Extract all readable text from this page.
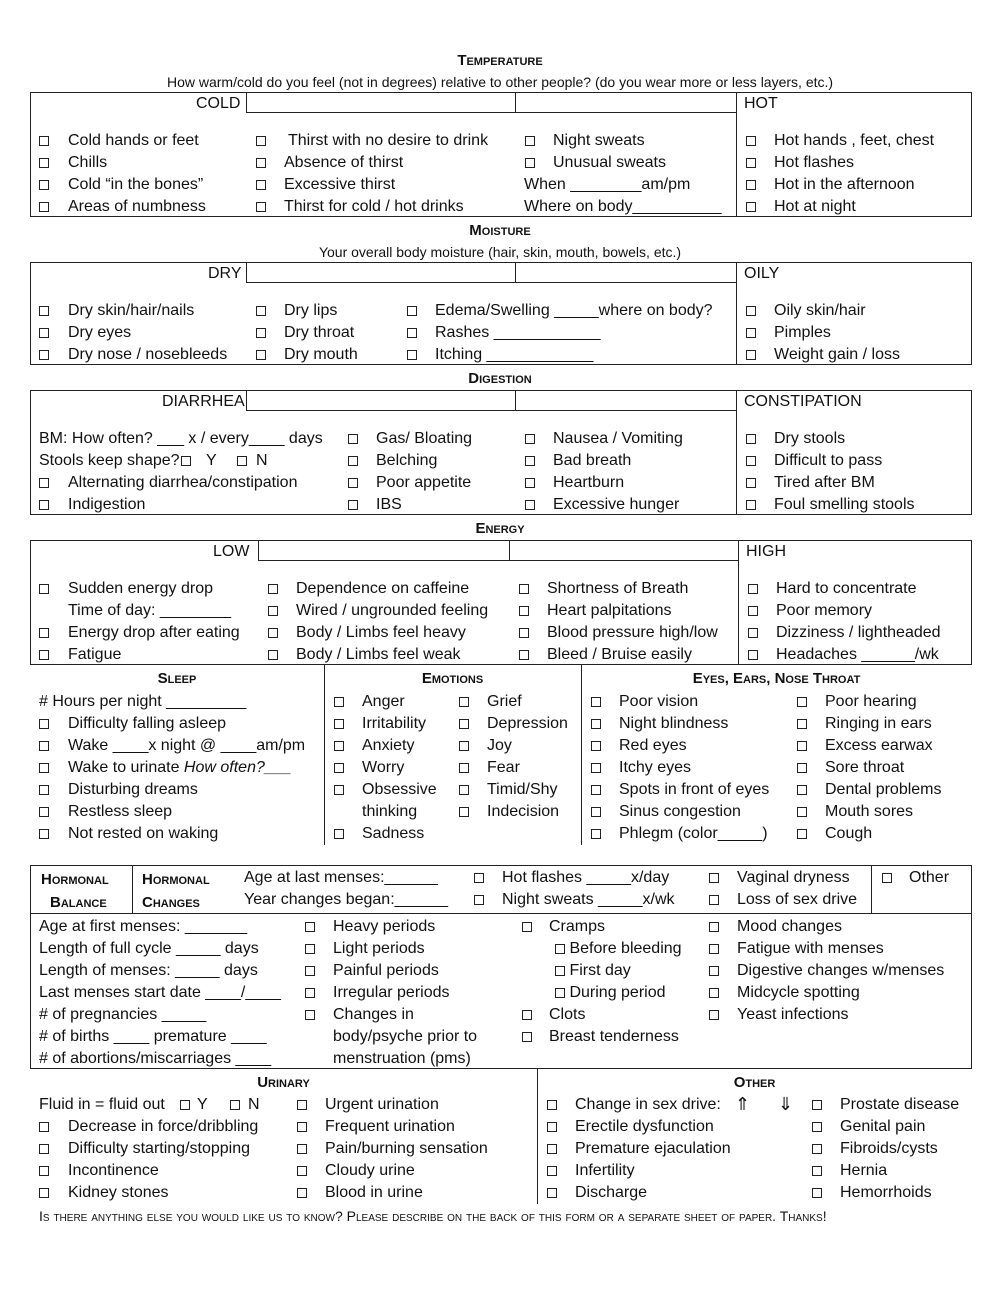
Temperature
How warm/cold do you feel (not in degrees) relative to other people? (do you wear more or less layers, etc.)
COLD	HOT
Cold hands or feet
Chills
Cold “in the bones”
Areas of numbness
Thirst with no desire to drink
Absence of thirst
Excessive thirst
Thirst for cold / hot drinks
Night sweats
Unusual sweats
When ________am/pm
Where on body__________
Hot hands , feet, chest
Hot flashes
Hot in the afternoon
Hot at night
Moisture
Your overall body moisture (hair, skin, mouth, bowels, etc.)
DRY	OILY
Dry skin/hair/nails
Dry eyes
Dry nose / nosebleeds
Dry lips
Dry throat
Dry mouth
Edema/Swelling _____where on body?
Rashes ____________
Itching ____________
Oily skin/hair
Pimples
Weight gain / loss
Digestion
DIARRHEA	CONSTIPATION
BM: How often? ___ x / every____ days
Stools keep shape? Y N
Alternating diarrhea/constipation
Indigestion
Gas/ Bloating
Belching
Poor appetite
IBS
Nausea / Vomiting
Bad breath
Heartburn
Excessive hunger
Dry stools
Difficult to pass
Tired after BM
Foul smelling stools
Energy
LOW	HIGH
Sudden energy drop
Time of day: ________
Energy drop after eating
Fatigue
Dependence on caffeine
Wired / ungrounded feeling
Body / Limbs feel heavy
Body / Limbs feel weak
Shortness of Breath
Heart palpitations
Blood pressure high/low
Bleed / Bruise easily
Hard to concentrate
Poor memory
Dizziness / lightheaded
Headaches ______/wk
Sleep	Emotions	Eyes, Ears, Nose Throat
# Hours per night _________
Difficulty falling asleep
Wake ____x night @ ____am/pm
Wake to urinate How often?___
Disturbing dreams
Restless sleep
Not rested on waking
Anger
Irritability
Anxiety
Worry
Obsessive
thinking
Sadness
Grief
Depression
Joy
Fear
Timid/Shy
Indecision
Poor vision
Night blindness
Red eyes
Itchy eyes
Spots in front of eyes
Sinus congestion
Phlegm (color_____)
Poor hearing
Ringing in ears
Excess earwax
Sore throat
Dental problems
Mouth sores
Cough
Hormonal
Balance
Hormonal
Changes
Age at last menses:______
Year changes began:______
Hot flashes _____x/day
Night sweats _____x/wk
Vaginal dryness
Loss of sex drive
Other
Age at first menses: _______
Length of full cycle _____ days
Length of menses: _____ days
Last menses start date ____/____
# of pregnancies _____
# of births ____ premature ____
# of abortions/miscarriages ____
Heavy periods
Light periods
Painful periods
Irregular periods
Changes in
body/psyche prior to
menstruation (pms)
Cramps
Before bleeding
First day
During period
Clots
Breast tenderness
Mood changes
Fatigue with menses
Digestive changes w/menses
Midcycle spotting
Yeast infections
Urinary	Other
Fluid in = fluid out Y	N
Decrease in force/dribbling
Difficulty starting/stopping
Incontinence
Kidney stones
Urgent urination
Frequent urination
Pain/burning sensation
Cloudy urine
Blood in urine
Change in sex drive: ⇑ ⇓
Erectile dysfunction
Premature ejaculation
Infertility
Discharge
Prostate disease
Genital pain
Fibroids/cysts
Hernia
Hemorrhoids
Is there anything else you would like us to know? Please describe on the back of this form or a separate sheet of paper. Thanks!
